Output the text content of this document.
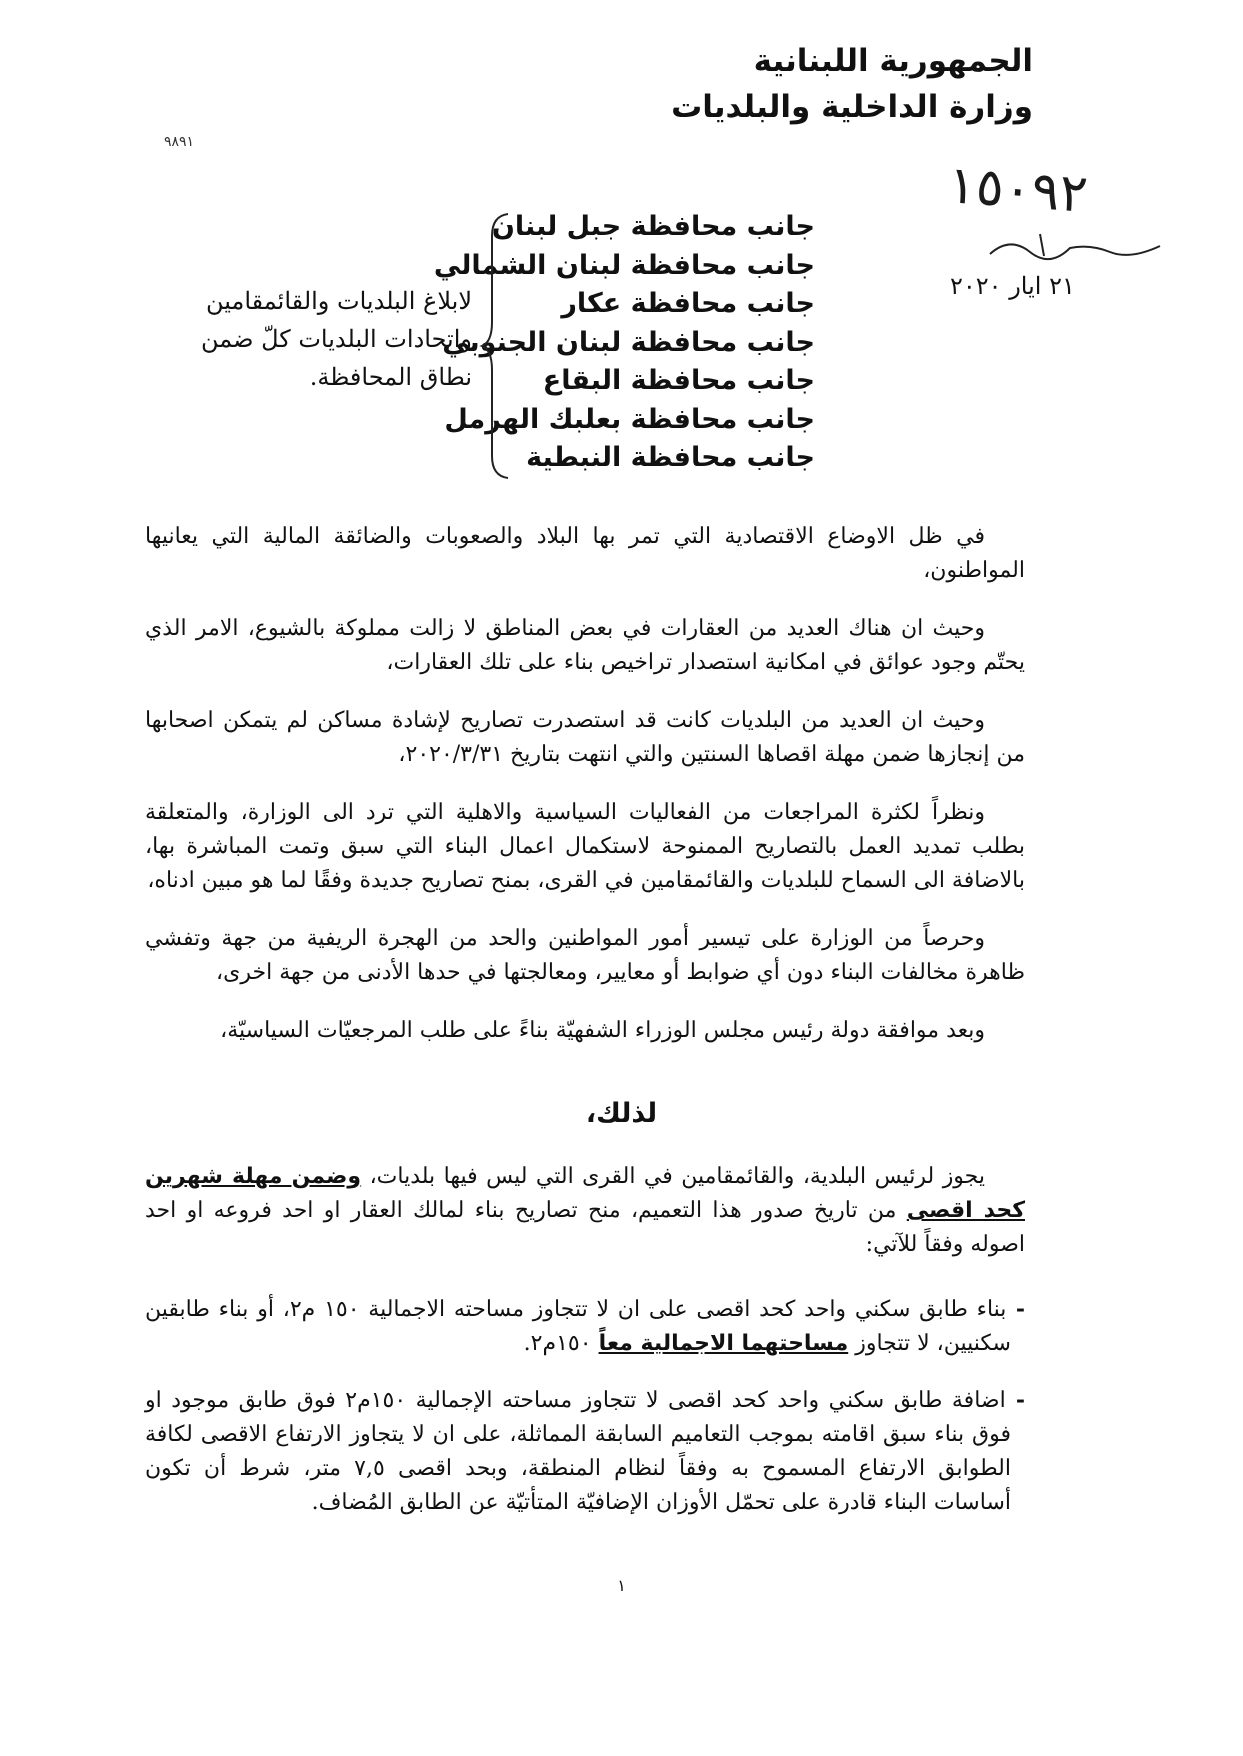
الجمهورية اللبنانية
وزارة الداخلية والبلديات
٩٨٩١
١٥٠٩٢
٢١ ايار ٢٠٢٠
جانب محافظة جبل لبنان
جانب محافظة لبنان الشمالي
جانب محافظة عكار
جانب محافظة لبنان الجنوبي
جانب محافظة البقاع
جانب محافظة بعلبك الهرمل
جانب محافظة النبطية
لابلاغ البلديات والقائمقامين واتحادات البلديات كلّ ضمن نطاق المحافظة.

في ظل الاوضاع الاقتصادية التي تمر بها البلاد والصعوبات والضائقة المالية التي يعانيها المواطنون،

وحيث ان هناك العديد من العقارات في بعض المناطق لا زالت مملوكة بالشيوع، الامر الذي يحتّم وجود عوائق في امكانية استصدار تراخيص بناء على تلك العقارات،

وحيث ان العديد من البلديات كانت قد استصدرت تصاريح لإشادة مساكن لم يتمكن اصحابها من إنجازها ضمن مهلة اقصاها السنتين والتي انتهت بتاريخ ٢٠٢٠/٣/٣١،

ونظراً لكثرة المراجعات من الفعاليات السياسية والاهلية التي ترد الى الوزارة، والمتعلقة بطلب تمديد العمل بالتصاريح الممنوحة لاستكمال اعمال البناء التي سبق وتمت المباشرة بها، بالاضافة الى السماح للبلديات والقائمقامين في القرى، بمنح تصاريح جديدة وفقًا لما هو مبين ادناه،

وحرصاً من الوزارة على تيسير أمور المواطنين والحد من الهجرة الريفية من جهة وتفشي ظاهرة مخالفات البناء دون أي ضوابط أو معايير، ومعالجتها في حدها الأدنى من جهة اخرى،

وبعد موافقة دولة رئيس مجلس الوزراء الشفهيّة بناءً على طلب المرجعيّات السياسيّة،

لذلك،

يجوز لرئيس البلدية، والقائمقامين في القرى التي ليس فيها بلديات، وضمن مهلة شهرين كحد اقصى من تاريخ صدور هذا التعميم، منح تصاريح بناء لمالك العقار او احد فروعه او احد اصوله وفقاً للآتي:

- بناء طابق سكني واحد كحد اقصى على ان لا تتجاوز مساحته الاجمالية ١٥٠ م٢، أو بناء طابقين سكنيين، لا تتجاوز مساحتهما الاجمالية معاً ١٥٠م٢.

- اضافة طابق سكني واحد كحد اقصى لا تتجاوز مساحته الإجمالية ١٥٠م٢ فوق طابق موجود او فوق بناء سبق اقامته بموجب التعاميم السابقة المماثلة، على ان لا يتجاوز الارتفاع الاقصى لكافة الطوابق الارتفاع المسموح به وفقاً لنظام المنطقة، وبحد اقصى ٧,٥ متر، شرط أن تكون أساسات البناء قادرة على تحمّل الأوزان الإضافيّة المتأتيّة عن الطابق المُضاف.

١
